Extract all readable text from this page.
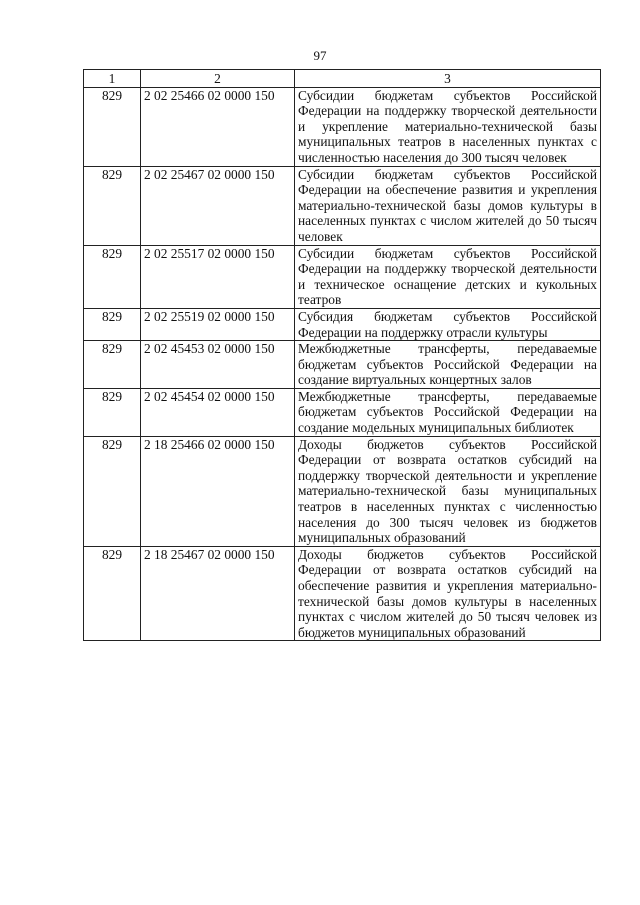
97
1	2	3
829	2 02 25466 02 0000 150	Субсидии бюджетам субъектов Российской Федерации на поддержку творческой деятельности и укрепление материально-технической базы муниципальных театров в населенных пунктах с численностью населения до 300 тысяч человек
829	2 02 25467 02 0000 150	Субсидии бюджетам субъектов Российской Федерации на обеспечение развития и укрепления материально-технической базы домов культуры в населенных пунктах с числом жителей до 50 тысяч человек
829	2 02 25517 02 0000 150	Субсидии бюджетам субъектов Российской Федерации на поддержку творческой деятельности и техническое оснащение детских и кукольных театров
829	2 02 25519 02 0000 150	Субсидия бюджетам субъектов Российской Федерации на поддержку отрасли культуры
829	2 02 45453 02 0000 150	Межбюджетные трансферты, передаваемые бюджетам субъектов Российской Федерации на создание виртуальных концертных залов
829	2 02 45454 02 0000 150	Межбюджетные трансферты, передаваемые бюджетам субъектов Российской Федерации на создание модельных муниципальных библиотек
829	2 18 25466 02 0000 150	Доходы бюджетов субъектов Российской Федерации от возврата остатков субсидий на поддержку творческой деятельности и укрепление материально-технической базы муниципальных театров в населенных пунктах с численностью населения до 300 тысяч человек из бюджетов муниципальных образований
829	2 18 25467 02 0000 150	Доходы бюджетов субъектов Российской Федерации от возврата остатков субсидий на обеспечение развития и укрепления материально-технической базы домов культуры в населенных пунктах с числом жителей до 50 тысяч человек из бюджетов муниципальных образований
